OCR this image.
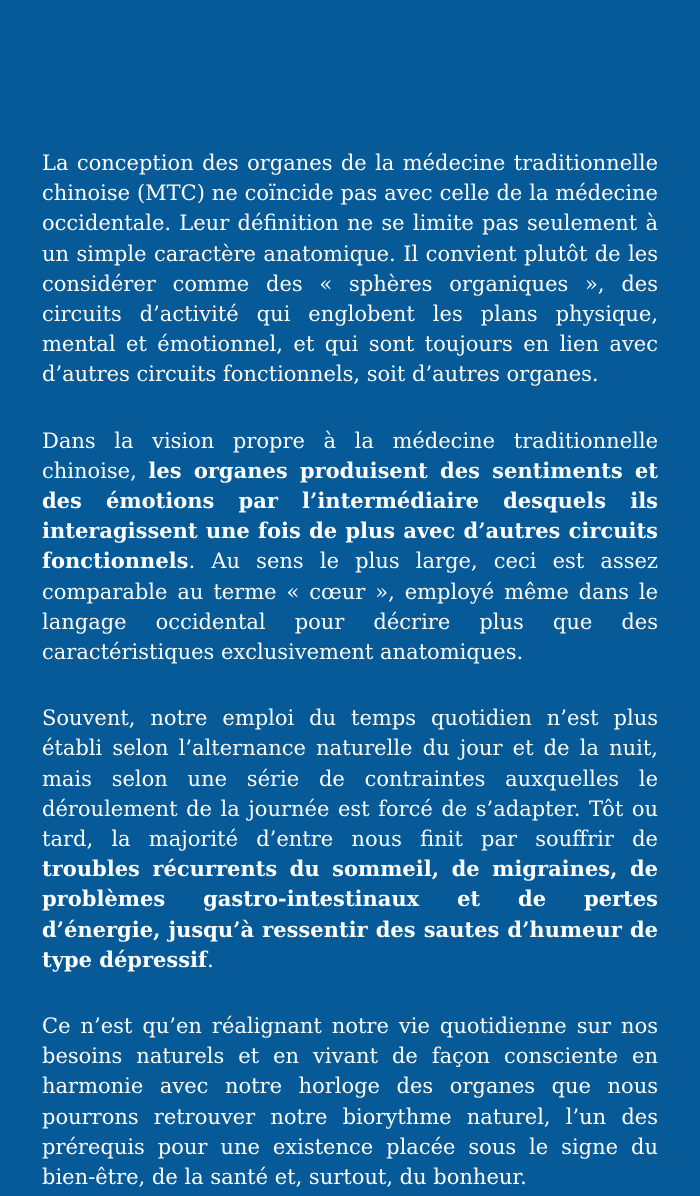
La conception des organes de la médecine traditionnelle chinoise (MTC) ne coïncide pas avec celle de la médecine occidentale. Leur définition ne se limite pas seulement à un simple caractère anatomique. Il convient plutôt de les considérer comme des « sphères organiques », des circuits d’activité qui englobent les plans physique, mental et émotionnel, et qui sont toujours en lien avec d’autres circuits fonctionnels, soit d’autres organes.

Dans la vision propre à la médecine traditionnelle chinoise, les organes produisent des sentiments et des émotions par l’intermédiaire desquels ils interagissent une fois de plus avec d’autres circuits fonctionnels. Au sens le plus large, ceci est assez comparable au terme « cœur », employé même dans le langage occidental pour décrire plus que des caractéristiques exclusivement anatomiques.

Souvent, notre emploi du temps quotidien n’est plus établi selon l’alternance naturelle du jour et de la nuit, mais selon une série de contraintes auxquelles le déroulement de la journée est forcé de s’adapter. Tôt ou tard, la majorité d’entre nous finit par souffrir de troubles récurrents du sommeil, de migraines, de problèmes gastro-intestinaux et de pertes d’énergie, jusqu’à ressentir des sautes d’humeur de type dépressif.

Ce n’est qu’en réalignant notre vie quotidienne sur nos besoins naturels et en vivant de façon consciente en harmonie avec notre horloge des organes que nous pourrons retrouver notre biorythme naturel, l’un des prérequis pour une existence placée sous le signe du bien-être, de la santé et, surtout, du bonheur.
